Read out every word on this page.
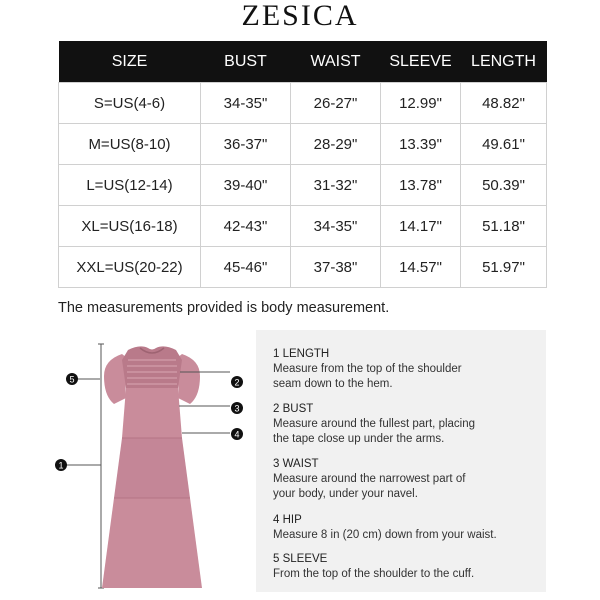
ZESICA
SIZE	BUST	WAIST	SLEEVE	LENGTH
S=US(4-6)	34-35"	26-27"	12.99"	48.82"
M=US(8-10)	36-37"	28-29"	13.39"	49.61"
L=US(12-14)	39-40"	31-32"	13.78"	50.39"
XL=US(16-18)	42-43"	34-35"	14.17"	51.18"
XXL=US(20-22)	45-46"	37-38"	14.57"	51.97"
The measurements provided is body measurement.
1
5	2
3
4
1 LENGTH
Measure from the top of the shoulder
seam down to the hem.
2 BUST
Measure around the fullest part, placing
the tape close up under the arms.
3 WAIST
Measure around the narrowest part of
your body, under your navel.
4 HIP
Measure 8 in (20 cm) down from your waist.
5 SLEEVE
From the top of the shoulder to the cuff.
